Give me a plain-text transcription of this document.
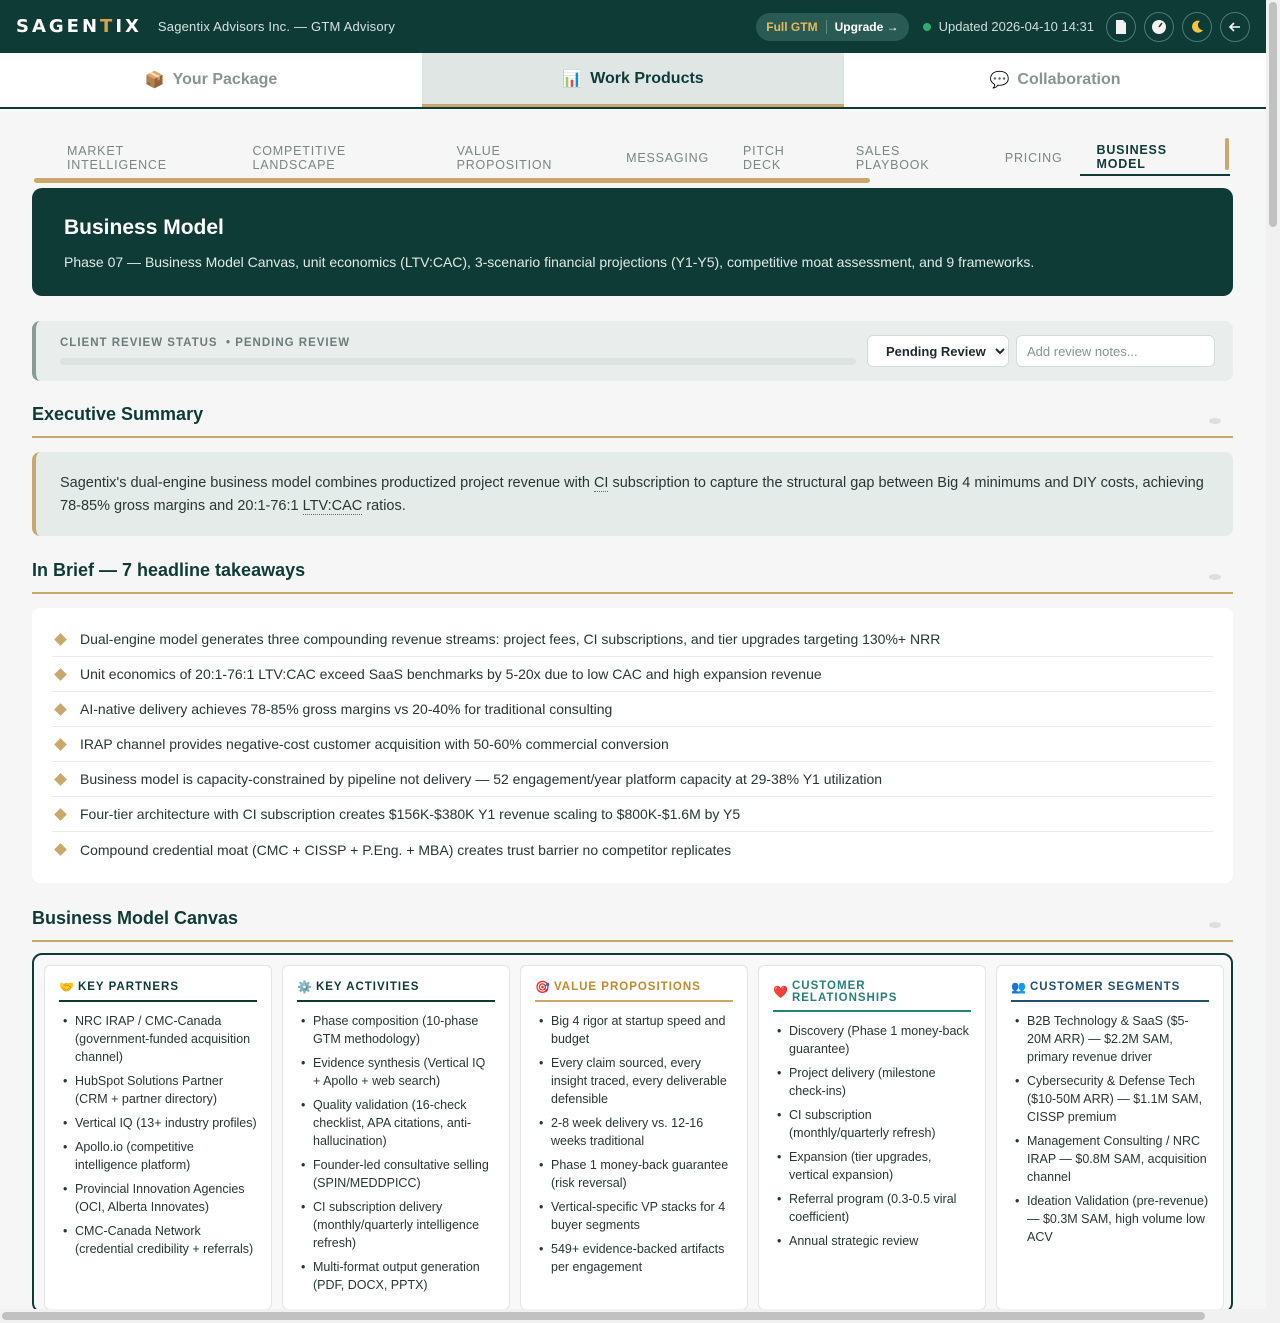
SAGENTIX Sagentix Advisors Inc. — GTM Advisory	Full GTM	Upgrade →	Updated 2026-04-10 14:31
📦 Your Package	📊 Work Products	💬 Collaboration
MARKET INTELLIGENCE
COMPETITIVE LANDSCAPE
VALUE PROPOSITION	MESSAGING	PITCH DECK
SALES PLAYBOOK	PRICING
BUSINESS MODEL
Business Model

Phase 07 — Business Model Canvas, unit economics (LTV:CAC), 3-scenario financial projections (Y1-Y5), competitive moat assessment, and 9 frameworks.

CLIENT REVIEW STATUS • PENDING REVIEW
Pending Review
Add review notes...
Executive Summary
Sagentix's dual-engine business model combines productized project revenue with CI subscription to capture the structural gap between Big 4 minimums and DIY costs, achieving 78-85% gross margins and 20:1-76:1 LTV:CAC ratios.
In Brief — 7 headline takeaways
Dual-engine model generates three compounding revenue streams: project fees, CI subscriptions, and tier upgrades targeting 130%+ NRR
Unit economics of 20:1-76:1 LTV:CAC exceed SaaS benchmarks by 5-20x due to low CAC and high expansion revenue
AI-native delivery achieves 78-85% gross margins vs 20-40% for traditional consulting
IRAP channel provides negative-cost customer acquisition with 50-60% commercial conversion
Business model is capacity-constrained by pipeline not delivery — 52 engagement/year platform capacity at 29-38% Y1 utilization
Four-tier architecture with CI subscription creates $156K-$380K Y1 revenue scaling to $800K-$1.6M by Y5
Compound credential moat (CMC + CISSP + P.Eng. + MBA) creates trust barrier no competitor replicates
Business Model Canvas
🤝 KEY PARTNERS
• NRC IRAP / CMC-Canada (government-funded acquisition channel)
• HubSpot Solutions Partner (CRM + partner directory)
• Vertical IQ (13+ industry profiles)
• Apollo.io (competitive intelligence platform)
• Provincial Innovation Agencies (OCI, Alberta Innovates)
• CMC-Canada Network (credential credibility + referrals)
⚙️ KEY ACTIVITIES
• Phase composition (10-phase GTM methodology)
• Evidence synthesis (Vertical IQ + Apollo + web search)
• Quality validation (16-check checklist, APA citations, anti-hallucination)
• Founder-led consultative selling (SPIN/MEDDPICC)
• CI subscription delivery (monthly/quarterly intelligence refresh)
• Multi-format output generation (PDF, DOCX, PPTX)
🎯 VALUE PROPOSITIONS
• Big 4 rigor at startup speed and budget
• Every claim sourced, every insight traced, every deliverable defensible
• 2-8 week delivery vs. 12-16 weeks traditional
• Phase 1 money-back guarantee (risk reversal)
• Vertical-specific VP stacks for 4 buyer segments
• 549+ evidence-backed artifacts per engagement
❤️ CUSTOMER RELATIONSHIPS
• Discovery (Phase 1 money-back guarantee)
• Project delivery (milestone check-ins)
• CI subscription (monthly/quarterly refresh)
• Expansion (tier upgrades, vertical expansion)
• Referral program (0.3-0.5 viral coefficient)
• Annual strategic review
👥 CUSTOMER SEGMENTS
• B2B Technology & SaaS ($5-20M ARR) — $2.2M SAM, primary revenue driver
• Cybersecurity & Defense Tech ($10-50M ARR) — $1.1M SAM, CISSP premium
• Management Consulting / NRC IRAP — $0.8M SAM, acquisition channel
• Ideation Validation (pre-revenue) — $0.3M SAM, high volume low ACV
